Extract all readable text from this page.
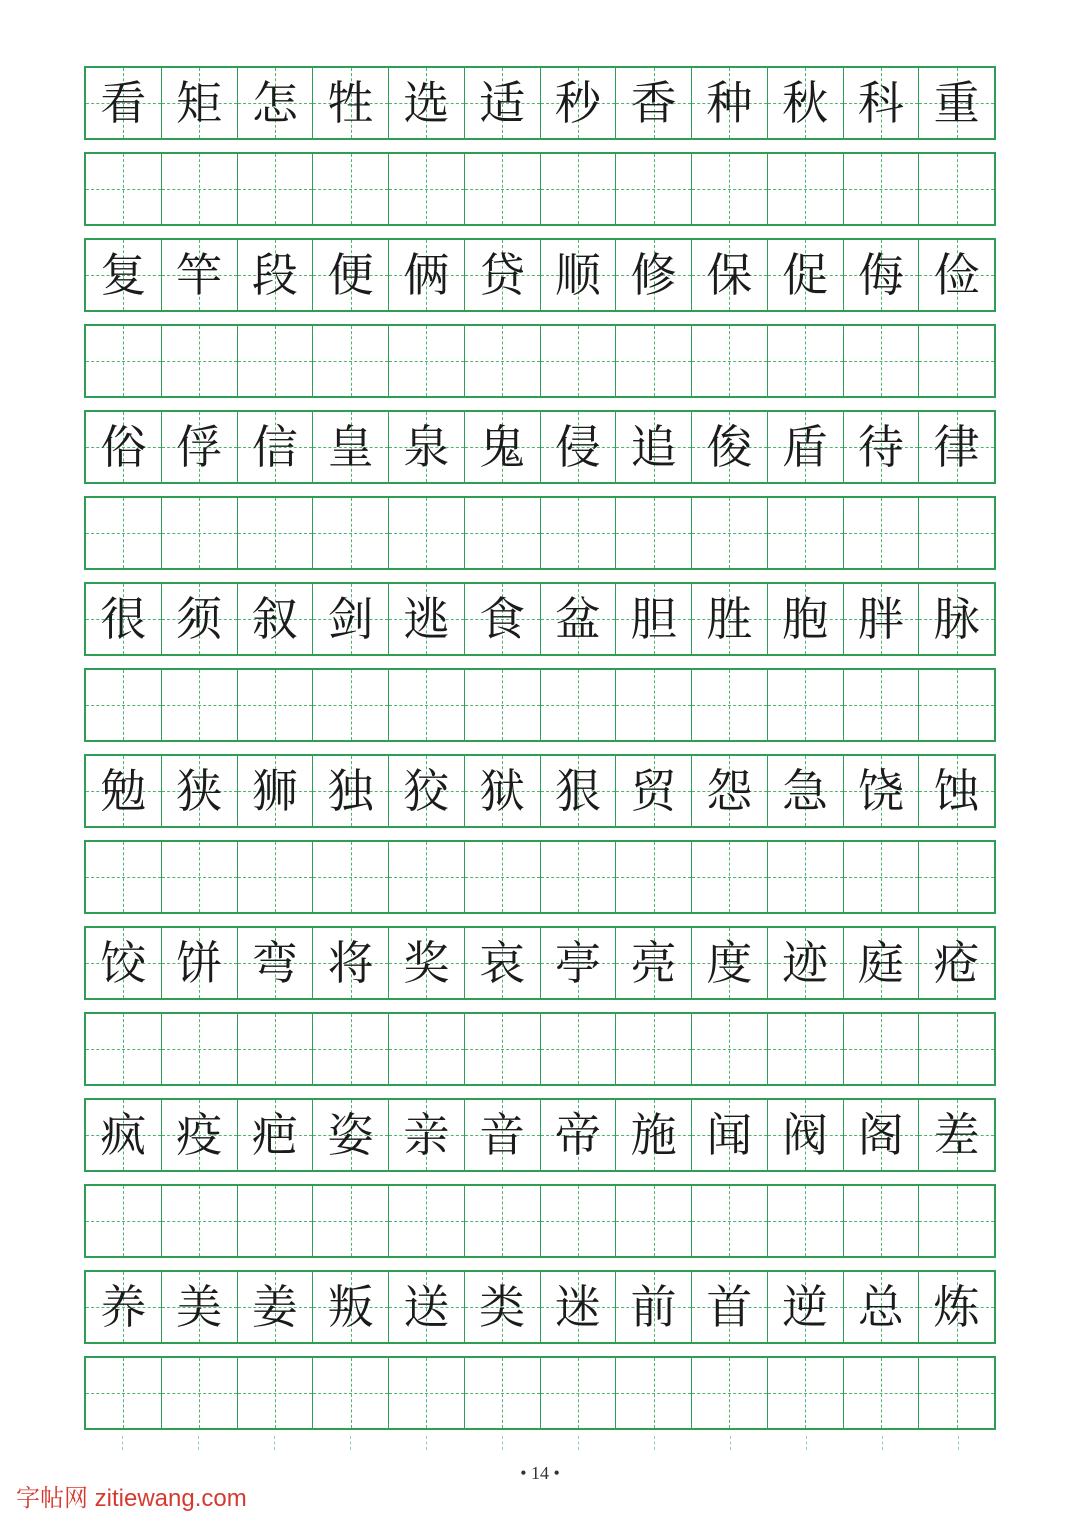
看 矩 怎 牲 选 适 秒 香 种 秋 科 重
复 竿 段 便 俩 贷 顺 修 保 促 侮 俭
俗 俘 信 皇 泉 鬼 侵 追 俊 盾 待 律
很 须 叙 剑 逃 食 盆 胆 胜 胞 胖 脉
勉 狭 狮 独 狡 狱 狠 贸 怨 急 饶 蚀
饺 饼 弯 将 奖 哀 亭 亮 度 迹 庭 疮
疯 疫 疤 姿 亲 音 帝 施 闻 阀 阁 差
养 美 姜 叛 送 类 迷 前 首 逆 总 炼
• 14 •
字帖网 zitiewang.com
